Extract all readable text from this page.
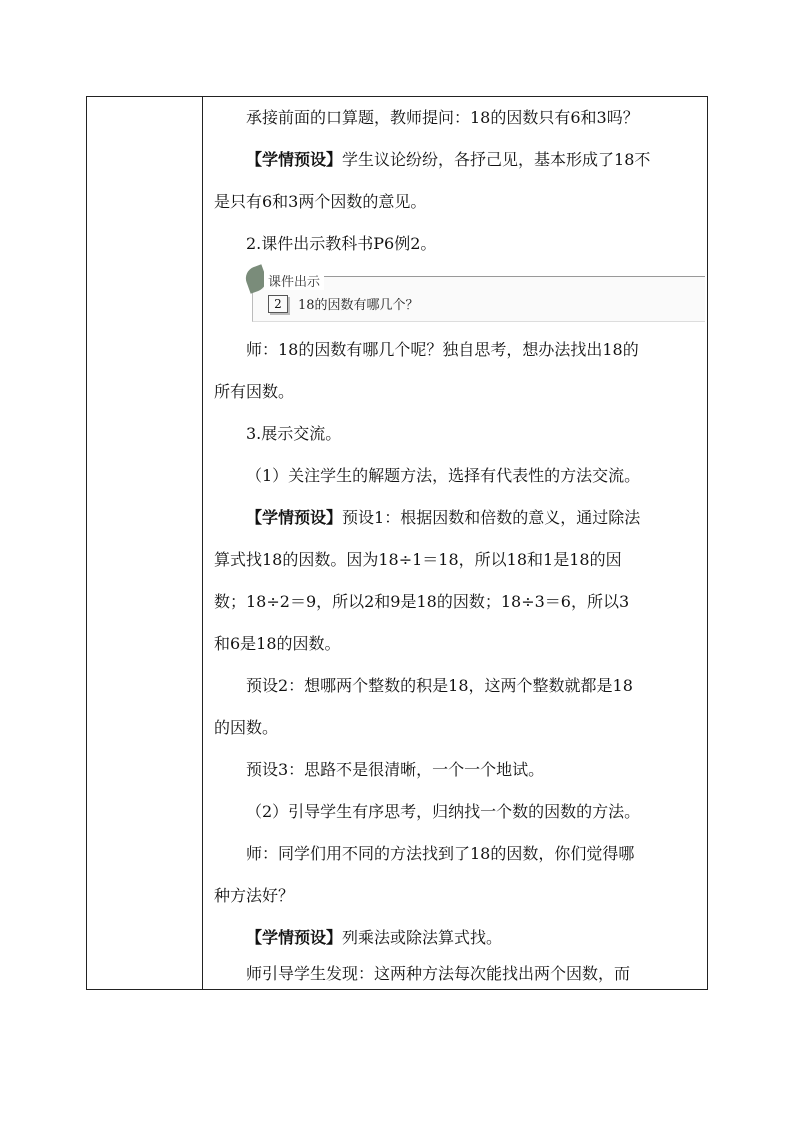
承接前面的口算题，教师提问：18的因数只有6和3吗？
【学情预设】学生议论纷纷，各抒己见，基本形成了18不
是只有6和3两个因数的意见。
2.课件出示教科书P6例2。
课件出示
2	18的因数有哪几个？
师：18的因数有哪几个呢？独自思考，想办法找出18的
所有因数。
3.展示交流。
（1）关注学生的解题方法，选择有代表性的方法交流。
【学情预设】预设1：根据因数和倍数的意义，通过除法
算式找18的因数。因为18÷1＝18，所以18和1是18的因
数；18÷2＝9，所以2和9是18的因数；18÷3＝6，所以3
和6是18的因数。
预设2：想哪两个整数的积是18，这两个整数就都是18
的因数。
预设3：思路不是很清晰，一个一个地试。
（2）引导学生有序思考，归纳找一个数的因数的方法。
师：同学们用不同的方法找到了18的因数，你们觉得哪
种方法好？
【学情预设】列乘法或除法算式找。
师引导学生发现：这两种方法每次能找出两个因数，而
